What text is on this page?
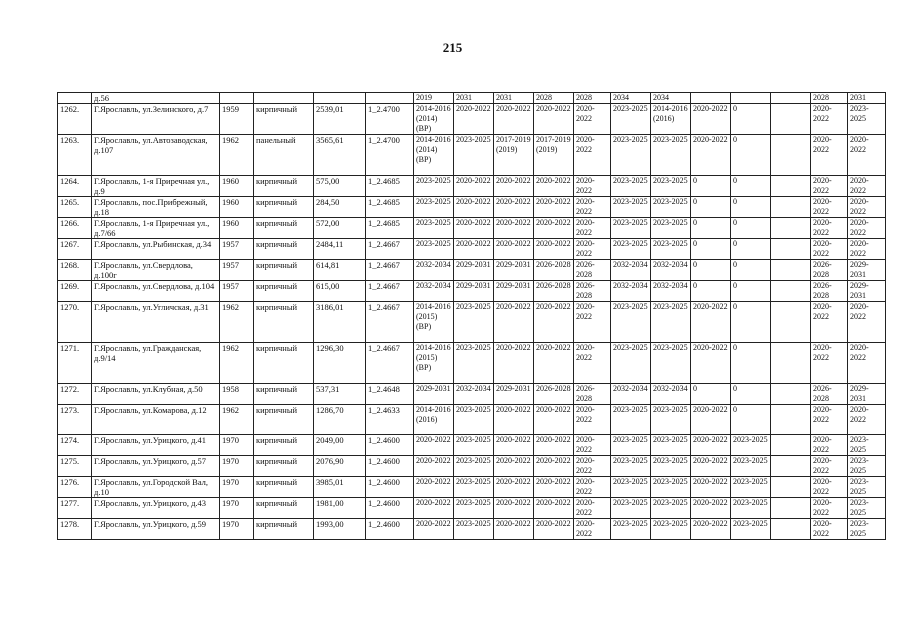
215
	д.56					2019	2031	2031	2028	2028	2034	2034				2028	2031
1262.	Г.Ярославль, ул.Зелинского, д.7	1959	кирпичный	2539,01	1_2.4700	2014-2016 (2014) (ВР)	2020-2022	2020-2022	2020-2022	2020-2022	2023-2025	2014-2016 (2016)	2020-2022	0		2020-2022	2023-2025
1263.	Г.Ярославль, ул.Автозаводская, д.107	1962	панельный	3565,61	1_2.4700	2014-2016 (2014) (ВР)	2023-2025	2017-2019 (2019)	2017-2019 (2019)	2020-2022	2023-2025	2023-2025	2020-2022	0		2020-2022	2020-2022
1264.	Г.Ярославль, 1-я Приречная ул., д.9	1960	кирпичный	575,00	1_2.4685	2023-2025	2020-2022	2020-2022	2020-2022	2020-2022	2023-2025	2023-2025	0	0		2020-2022	2020-2022
1265.	Г.Ярославль, пос.Прибрежный, д.18	1960	кирпичный	284,50	1_2.4685	2023-2025	2020-2022	2020-2022	2020-2022	2020-2022	2023-2025	2023-2025	0	0		2020-2022	2020-2022
1266.	Г.Ярославль, 1-я Приречная ул., д.7/66	1960	кирпичный	572,00	1_2.4685	2023-2025	2020-2022	2020-2022	2020-2022	2020-2022	2023-2025	2023-2025	0	0		2020-2022	2020-2022
1267.	Г.Ярославль, ул.Рыбинская, д.34	1957	кирпичный	2484,11	1_2.4667	2023-2025	2020-2022	2020-2022	2020-2022	2020-2022	2023-2025	2023-2025	0	0		2020-2022	2020-2022
1268.	Г.Ярославль, ул.Свердлова, д.100г	1957	кирпичный	614,81	1_2.4667	2032-2034	2029-2031	2029-2031	2026-2028	2026-2028	2032-2034	2032-2034	0	0		2026-2028	2029-2031
1269.	Г.Ярославль, ул.Свердлова, д.104	1957	кирпичный	615,00	1_2.4667	2032-2034	2029-2031	2029-2031	2026-2028	2026-2028	2032-2034	2032-2034	0	0		2026-2028	2029-2031
1270.	Г.Ярославль, ул.Угличская, д.31	1962	кирпичный	3186,01	1_2.4667	2014-2016 (2015) (ВР)	2023-2025	2020-2022	2020-2022	2020-2022	2023-2025	2023-2025	2020-2022	0		2020-2022	2020-2022
1271.	Г.Ярославль, ул.Гражданская, д.9/14	1962	кирпичный	1296,30	1_2.4667	2014-2016 (2015) (ВР)	2023-2025	2020-2022	2020-2022	2020-2022	2023-2025	2023-2025	2020-2022	0		2020-2022	2020-2022
1272.	Г.Ярославль, ул.Клубная, д.50	1958	кирпичный	537,31	1_2.4648	2029-2031	2032-2034	2029-2031	2026-2028	2026-2028	2032-2034	2032-2034	0	0		2026-2028	2029-2031
1273.	Г.Ярославль, ул.Комарова, д.12	1962	кирпичный	1286,70	1_2.4633	2014-2016 (2016)	2023-2025	2020-2022	2020-2022	2020-2022	2023-2025	2023-2025	2020-2022	0		2020-2022	2020-2022
1274.	Г.Ярославль, ул.Урицкого, д.41	1970	кирпичный	2049,00	1_2.4600	2020-2022	2023-2025	2020-2022	2020-2022	2020-2022	2023-2025	2023-2025	2020-2022	2023-2025		2020-2022	2023-2025
1275.	Г.Ярославль, ул.Урицкого, д.57	1970	кирпичный	2076,90	1_2.4600	2020-2022	2023-2025	2020-2022	2020-2022	2020-2022	2023-2025	2023-2025	2020-2022	2023-2025		2020-2022	2023-2025
1276.	Г.Ярославль, ул.Городской Вал, д.10	1970	кирпичный	3985,01	1_2.4600	2020-2022	2023-2025	2020-2022	2020-2022	2020-2022	2023-2025	2023-2025	2020-2022	2023-2025		2020-2022	2023-2025
1277.	Г.Ярославль, ул.Урицкого, д.43	1970	кирпичный	1981,00	1_2.4600	2020-2022	2023-2025	2020-2022	2020-2022	2020-2022	2023-2025	2023-2025	2020-2022	2023-2025		2020-2022	2023-2025
1278.	Г.Ярославль, ул.Урицкого, д.59	1970	кирпичный	1993,00	1_2.4600	2020-2022	2023-2025	2020-2022	2020-2022	2020-2022	2023-2025	2023-2025	2020-2022	2023-2025		2020-2022	2023-2025
